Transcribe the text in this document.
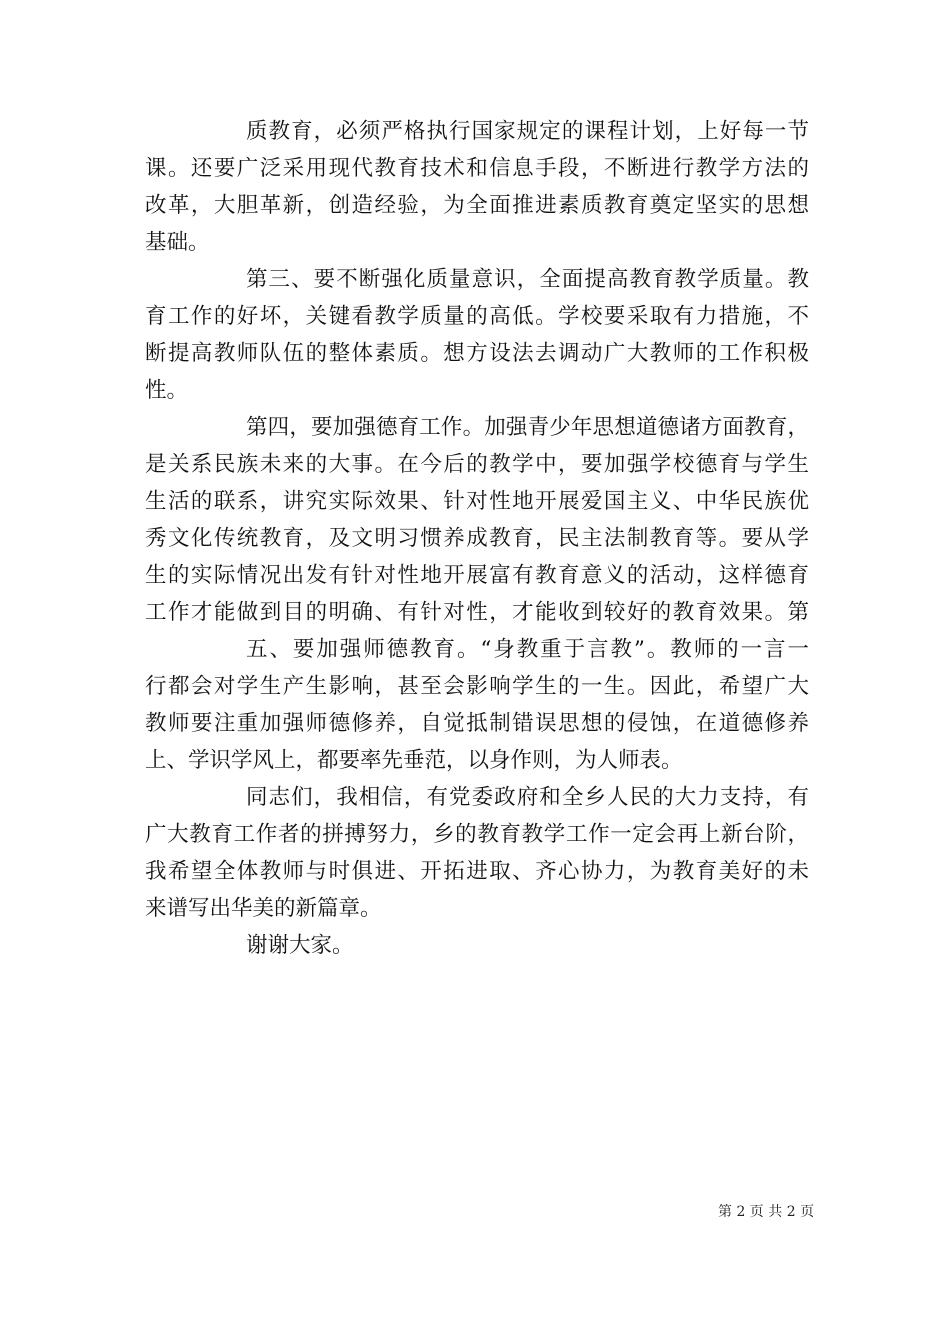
质教育，必须严格执行国家规定的课程计划，上好每一节
课。还要广泛采用现代教育技术和信息手段，不断进行教学方法的
改革，大胆革新，创造经验，为全面推进素质教育奠定坚实的思想
基础。
第三、要不断强化质量意识，全面提高教育教学质量。教
育工作的好坏，关键看教学质量的高低。学校要采取有力措施，不
断提高教师队伍的整体素质。想方设法去调动广大教师的工作积极
性。
第四，要加强德育工作。加强青少年思想道德诸方面教育，
是关系民族未来的大事。在今后的教学中，要加强学校德育与学生
生活的联系，讲究实际效果、针对性地开展爱国主义、中华民族优
秀文化传统教育，及文明习惯养成教育，民主法制教育等。要从学
生的实际情况出发有针对性地开展富有教育意义的活动，这样德育
工作才能做到目的明确、有针对性，才能收到较好的教育效果。第
五、要加强师德教育。“身教重于言教”。教师的一言一
行都会对学生产生影响，甚至会影响学生的一生。因此，希望广大
教师要注重加强师德修养，自觉抵制错误思想的侵蚀，在道德修养
上、学识学风上，都要率先垂范，以身作则，为人师表。
同志们，我相信，有党委政府和全乡人民的大力支持，有
广大教育工作者的拼搏努力，乡的教育教学工作一定会再上新台阶，
我希望全体教师与时俱进、开拓进取、齐心协力，为教育美好的未
来谱写出华美的新篇章。
谢谢大家。
第 2 页 共 2 页
